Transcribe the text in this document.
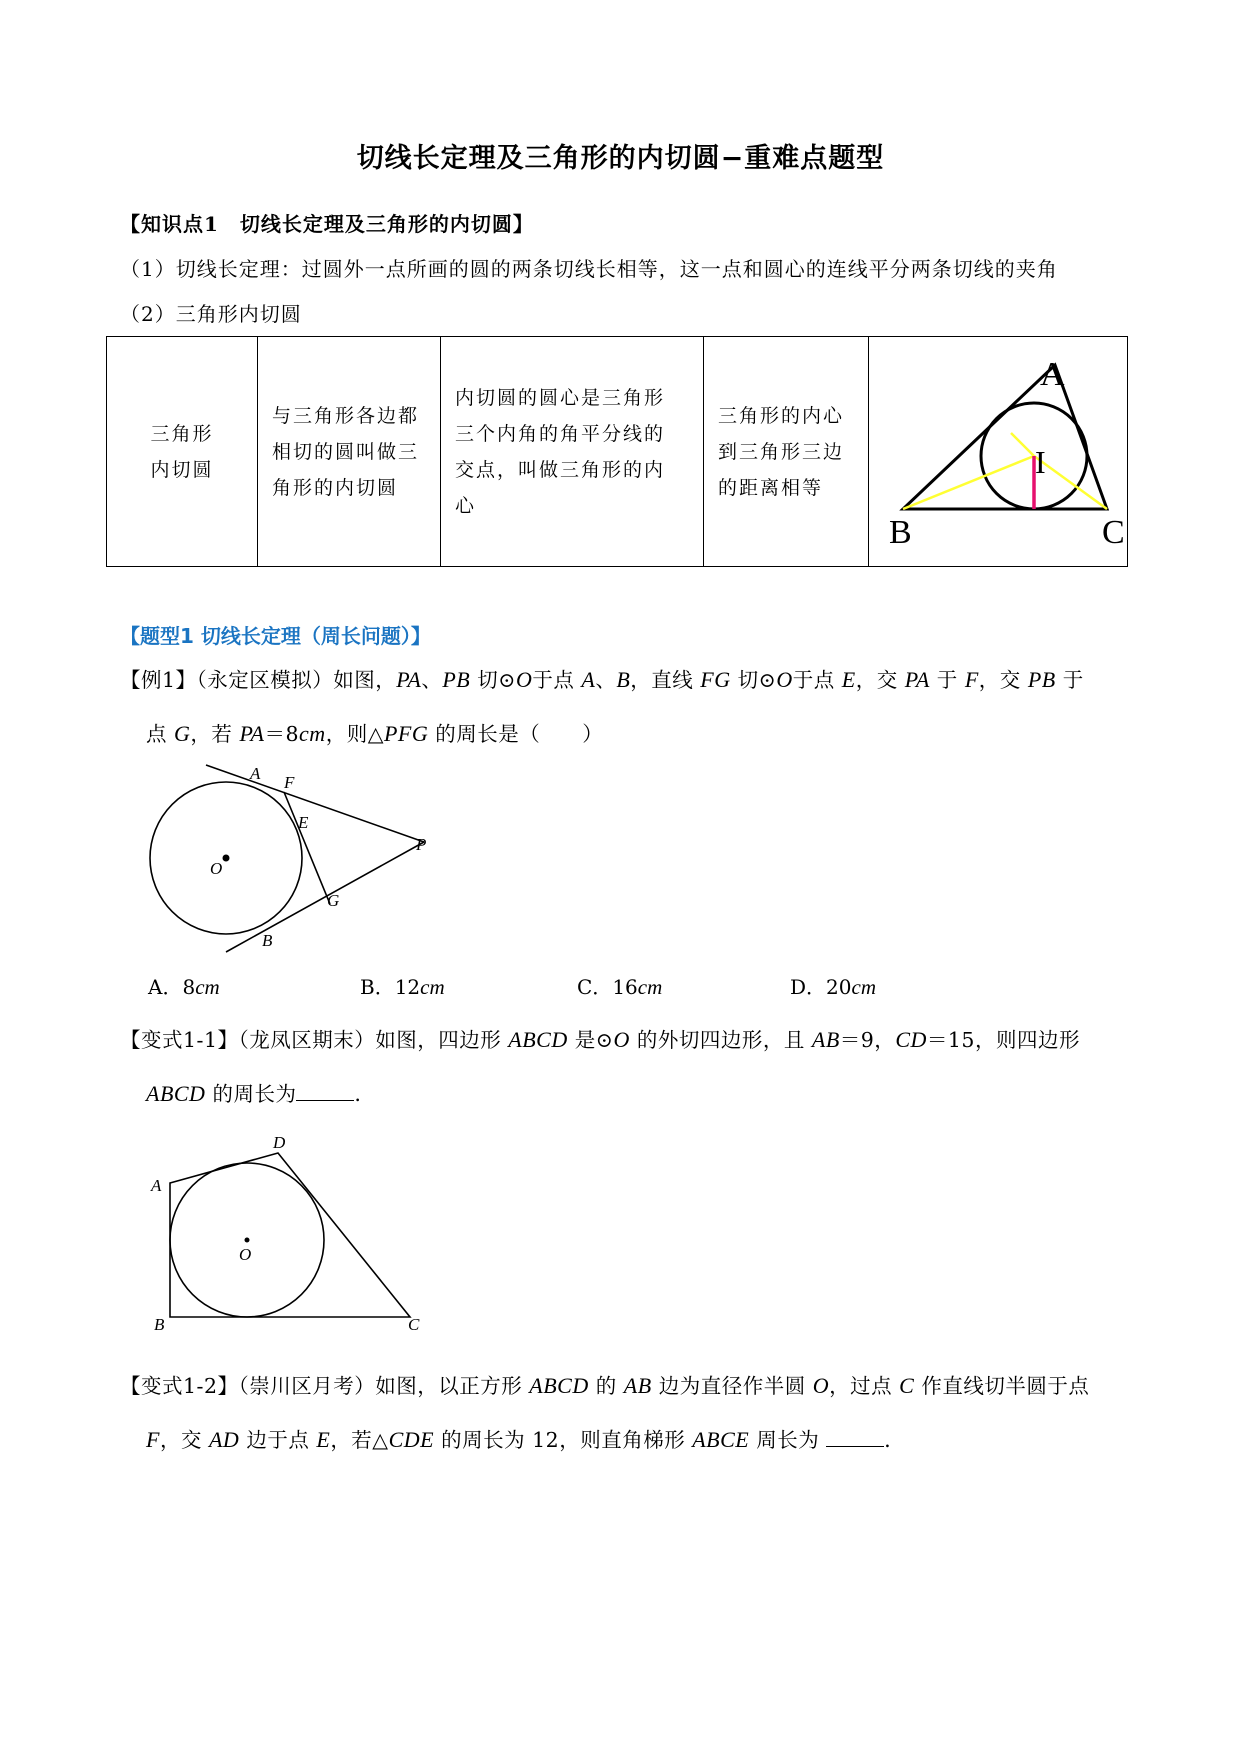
切线长定理及三角形的内切圆−重难点题型
【知识点1　切线长定理及三角形的内切圆】
（1）切线长定理：过圆外一点所画的圆的两条切线长相等，这一点和圆心的连线平分两条切线的夹角
（2）三角形内切圆
三角形
内切圆

与三角形各边都
相切的圆叫做三
角形的内切圆

内切圆的圆心是三角形
三个内角的角平分线的
交点，叫做三角形的内
心

三角形的内心
到三角形三边
的距离相等

A
B	C
I
【题型1 切线长定理（周长问题）】
【例1】（永定区模拟）如图，PA、PB 切⊙O于点 A、B，直线 FG 切⊙O于点 E，交 PA 于 F，交 PB 于
点 G，若 PA＝8cm，则△PFG 的周长是（　　）
A F
E
P
O
G
B
A．8cm	B．12cm	C．16cm	D．20cm
【变式1-1】（龙凤区期末）如图，四边形 ABCD 是⊙O 的外切四边形，且 AB＝9，CD＝15，则四边形
ABCD 的周长为	．
D
A
O
B	C
【变式1-2】（崇川区月考）如图，以正方形 ABCD 的 AB 边为直径作半圆 O，过点 C 作直线切半圆于点
F，交 AD 边于点 E，若△CDE 的周长为 12，则直角梯形 ABCE 周长为	．
